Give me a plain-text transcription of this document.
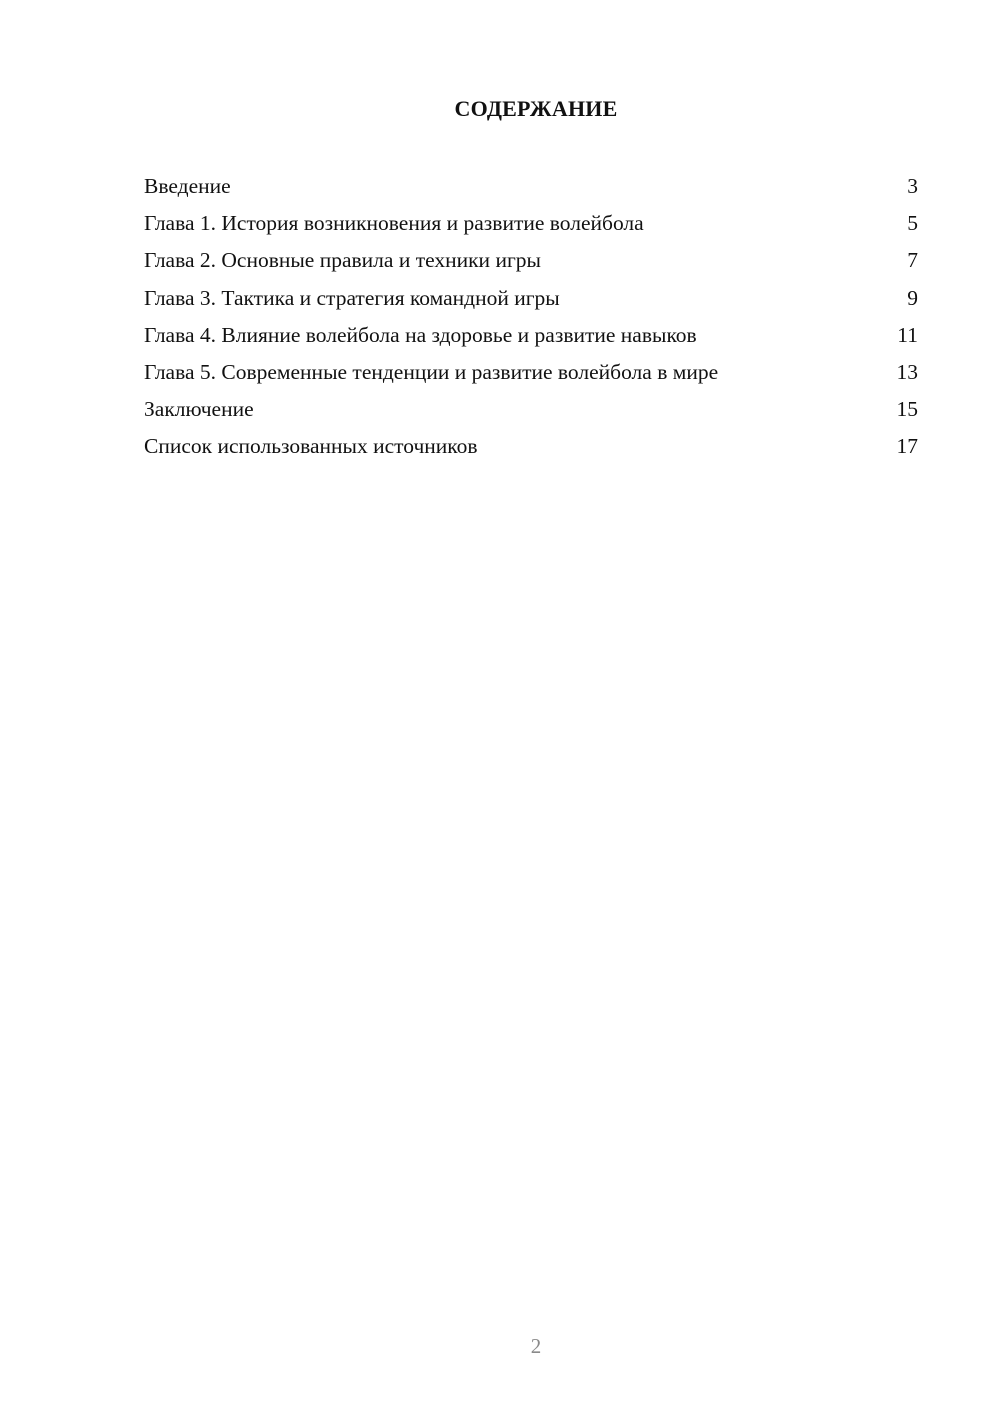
СОДЕРЖАНИЕ
Введение	3
Глава 1. История возникновения и развитие волейбола	5
Глава 2. Основные правила и техники игры	7
Глава 3. Тактика и стратегия командной игры	9
Глава 4. Влияние волейбола на здоровье и развитие навыков	11
Глава 5. Современные тенденции и развитие волейбола в мире	13
Заключение	15
Список использованных источников	17
2
